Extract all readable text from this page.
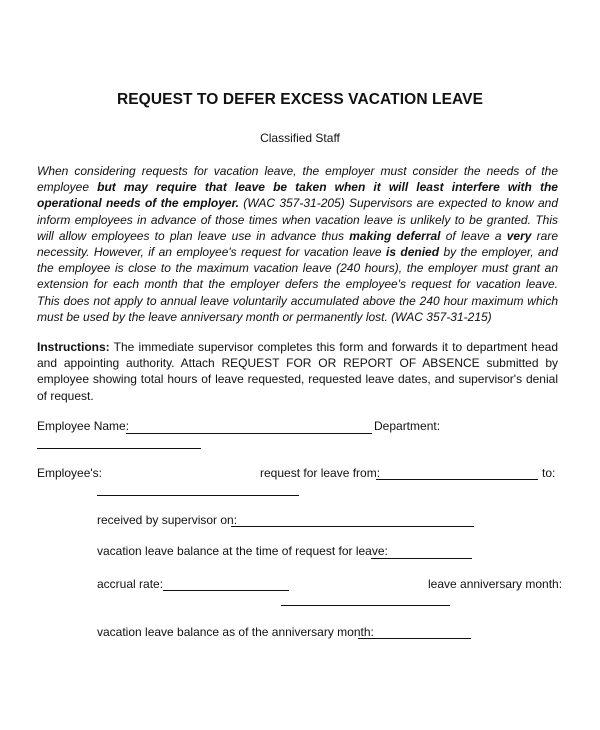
REQUEST TO DEFER EXCESS VACATION LEAVE
Classified Staff
When considering requests for vacation leave, the employer must consider the needs of the employee but may require that leave be taken when it will least interfere with the operational needs of the employer. (WAC 357-31-205) Supervisors are expected to know and inform employees in advance of those times when vacation leave is unlikely to be granted. This will allow employees to plan leave use in advance thus making deferral of leave a very rare necessity. However, if an employee's request for vacation leave is denied by the employer, and the employee is close to the maximum vacation leave (240 hours), the employer must grant an extension for each month that the employer defers the employee's request for vacation leave. This does not apply to annual leave voluntarily accumulated above the 240 hour maximum which must be used by the leave anniversary month or permanently lost. (WAC 357-31-215)
Instructions: The immediate supervisor completes this form and forwards it to department head and appointing authority. Attach REQUEST FOR OR REPORT OF ABSENCE submitted by employee showing total hours of leave requested, requested leave dates, and supervisor's denial of request.
Employee Name:	Department:
Employee's:	request for leave from:	to:
received by supervisor on:
vacation leave balance at the time of request for leave:
accrual rate:	leave anniversary month:
vacation leave balance as of the anniversary month:
